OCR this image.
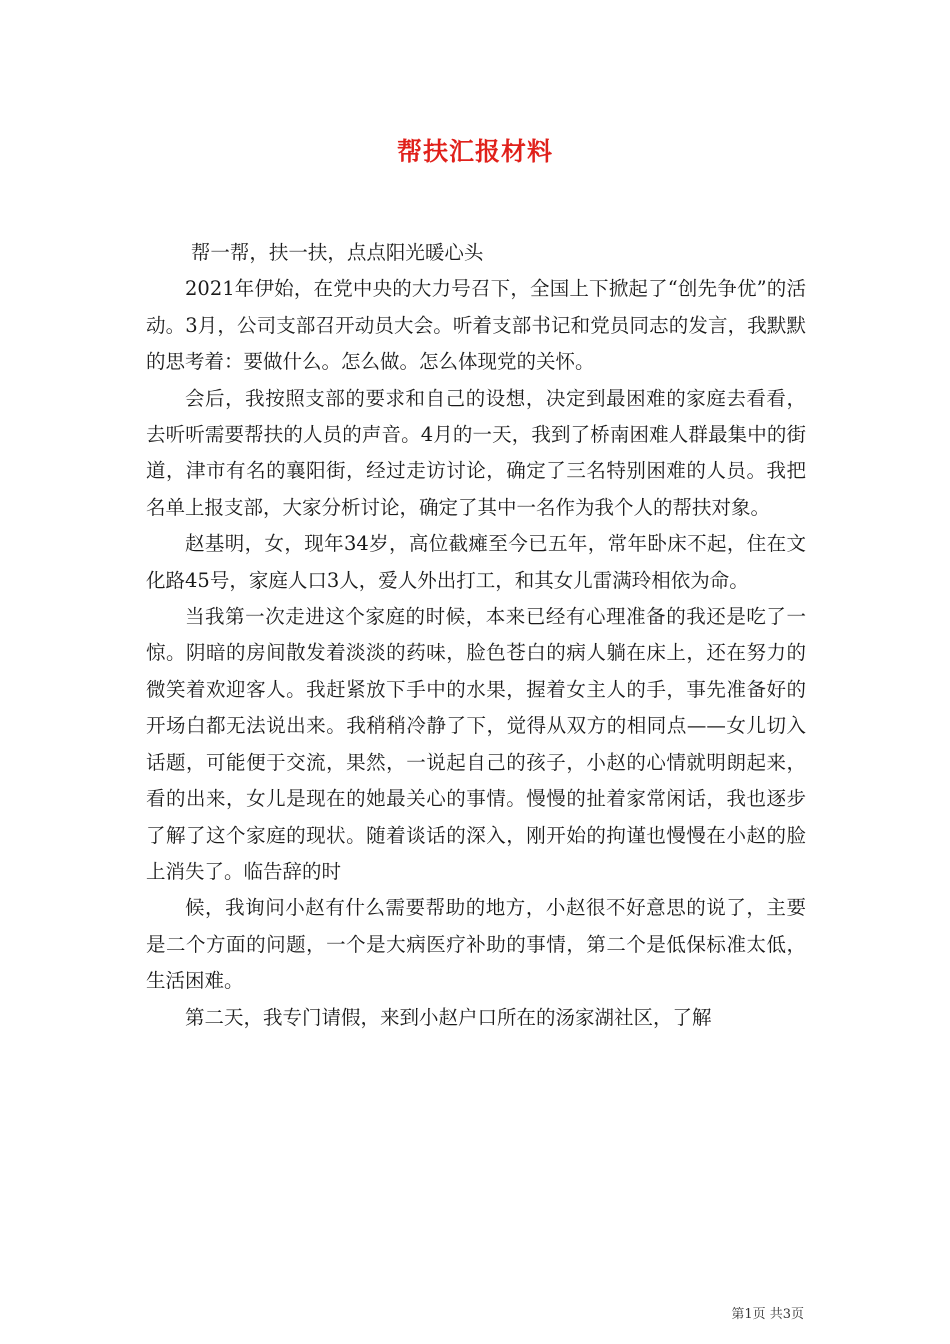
帮扶汇报材料

帮一帮，扶一扶，点点阳光暖心头

2021年伊始，在党中央的大力号召下，全国上下掀起了“创先争优”的活动。3月，公司支部召开动员大会。听着支部书记和党员同志的发言，我默默的思考着：要做什么。怎么做。怎么体现党的关怀。

会后，我按照支部的要求和自己的设想，决定到最困难的家庭去看看，去听听需要帮扶的人员的声音。4月的一天，我到了桥南困难人群最集中的街道，津市有名的襄阳街，经过走访讨论，确定了三名特别困难的人员。我把名单上报支部，大家分析讨论，确定了其中一名作为我个人的帮扶对象。

赵基明，女，现年34岁，高位截瘫至今已五年，常年卧床不起，住在文化路45号，家庭人口3人，爱人外出打工，和其女儿雷满玲相依为命。

当我第一次走进这个家庭的时候，本来已经有心理准备的我还是吃了一惊。阴暗的房间散发着淡淡的药味，脸色苍白的病人躺在床上，还在努力的微笑着欢迎客人。我赶紧放下手中的水果，握着女主人的手，事先准备好的开场白都无法说出来。我稍稍冷静了下，觉得从双方的相同点——女儿切入话题，可能便于交流，果然，一说起自己的孩子，小赵的心情就明朗起来，看的出来，女儿是现在的她最关心的事情。慢慢的扯着家常闲话，我也逐步了解了这个家庭的现状。随着谈话的深入，刚开始的拘谨也慢慢在小赵的脸上消失了。临告辞的时

候，我询问小赵有什么需要帮助的地方，小赵很不好意思的说了，主要是二个方面的问题，一个是大病医疗补助的事情，第二个是低保标准太低，生活困难。

第二天，我专门请假，来到小赵户口所在的汤家湖社区，了解

第1页 共3页
